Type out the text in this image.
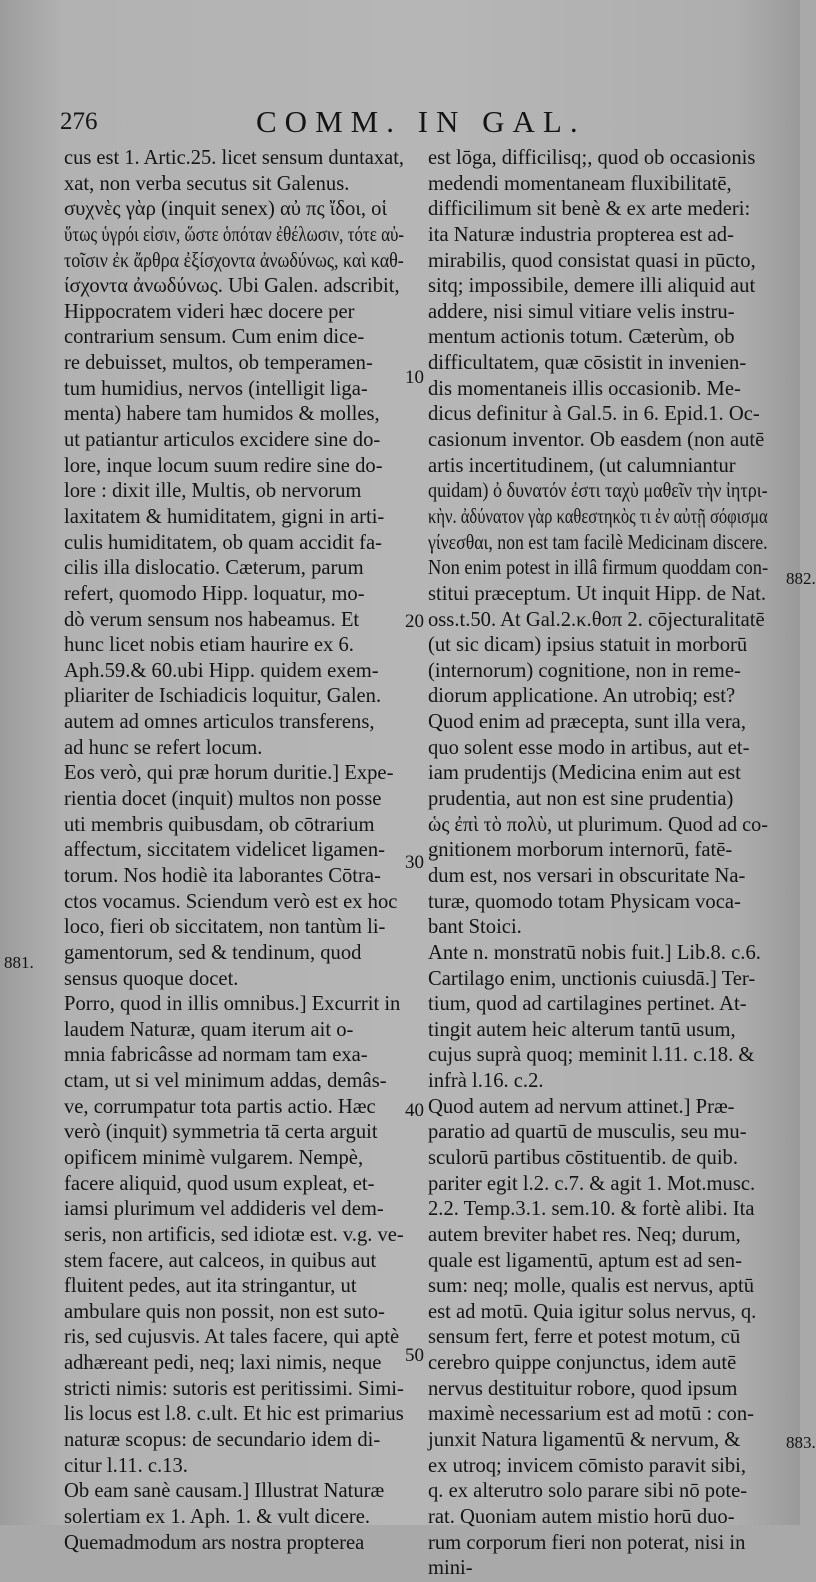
276	COMM. IN GAL.
cus est 1. Artic.25. licet sensum duntaxat,
xat, non verba secutus sit Galenus.
συχνὲς γὰρ (inquit senex) αὐ πς ἴδοι, οἱ
ὕτως ὑγρόι εἰσιν, ὥστε ὁπόταν ἐθέλωσιν, τότε αὐ-
τοῖσιν ἐκ ἄρθρα ἐξίσχοντα ἀνωδύνως, καὶ καθ-
ίσχοντα ἀνωδύνως. Ubi Galen. adscribit,
Hippocratem videri hæc docere per
contrarium sensum. Cum enim dice-
re debuisset, multos, ob temperamen-
tum humidius, nervos (intelligit liga-
menta) habere tam humidos & molles,
ut patiantur articulos excidere sine do-
lore, inque locum suum redire sine do-
lore : dixit ille, Multis, ob nervorum
laxitatem & humiditatem, gigni in arti-
culis humiditatem, ob quam accidit fa-
cilis illa dislocatio. Cæterum, parum
refert, quomodo Hipp. loquatur, mo-
dò verum sensum nos habeamus. Et
hunc licet nobis etiam haurire ex 6.
Aph.59.& 60.ubi Hipp. quidem exem-
pliariter de Ischiadicis loquitur, Galen.
autem ad omnes articulos transferens,
ad hunc se refert locum.
Eos verò, qui præ horum duritie.] Expe-
rientia docet (inquit) multos non posse
uti membris quibusdam, ob cōtrarium
affectum, siccitatem videlicet ligamen-
torum. Nos hodiè ita laborantes Cōtra-
ctos vocamus. Sciendum verò est ex hoc
loco, fieri ob siccitatem, non tantùm li-
gamentorum, sed & tendinum, quod
sensus quoque docet.
Porro, quod in illis omnibus.] Excurrit in
laudem Naturæ, quam iterum ait o-
mnia fabricâsse ad normam tam exa-
ctam, ut si vel minimum addas, demâs-
ve, corrumpatur tota partis actio. Hæc
verò (inquit) symmetria tā certa arguit
opificem minimè vulgarem. Nempè,
facere aliquid, quod usum expleat, et-
iamsi plurimum vel addideris vel dem-
seris, non artificis, sed idiotæ est. v.g. ve-
stem facere, aut calceos, in quibus aut
fluitent pedes, aut ita stringantur, ut
ambulare quis non possit, non est suto-
ris, sed cujusvis. At tales facere, qui aptè
adhæreant pedi, neq; laxi nimis, neque
stricti nimis: sutoris est peritissimi. Simi-
lis locus est l.8. c.ult. Et hic est primarius
naturæ scopus: de secundario idem di-
citur l.11. c.13.
Ob eam sanè causam.] Illustrat Naturæ
solertiam ex 1. Aph. 1. & vult dicere.
Quemadmodum ars nostra propterea
est lōga, difficilisq;, quod ob occasionis
medendi momentaneam fluxibilitatē,
difficilimum sit benè & ex arte mederi:
ita Naturæ industria propterea est ad-
mirabilis, quod consistat quasi in pūcto,
sitq; impossibile, demere illi aliquid aut
addere, nisi simul vitiare velis instru-
mentum actionis totum. Cæterùm, ob
difficultatem, quæ cōsistit in invenien-
dis momentaneis illis occasionib. Me-
dicus definitur à Gal.5. in 6. Epid.1. Oc-
casionum inventor. Ob easdem (non autē
artis incertitudinem, (ut calumniantur
quidam) ὀ δυνατόν ἐστι ταχὺ μαθεῖν τὴν ἰητρι-
κὴν. ἀδύνατον γὰρ καθεστηκὸς τι ἐν αὐτῇ σόφισμα
γίνεσθαι, non est tam facilè Medicinam discere.
Non enim potest in illâ firmum quoddam con-
stitui præceptum. Ut inquit Hipp. de Nat.
oss.t.50. At Gal.2.κ.θοπ 2. cōjecturalitatē
(ut sic dicam) ipsius statuit in morborū
(internorum) cognitione, non in reme-
diorum applicatione. An utrobiq; est?
Quod enim ad præcepta, sunt illa vera,
quo solent esse modo in artibus, aut et-
iam prudentijs (Medicina enim aut est
prudentia, aut non est sine prudentia)
ὡς ἐπὶ τὸ πολὺ, ut plurimum. Quod ad co-
gnitionem morborum internorū, fatē-
dum est, nos versari in obscuritate Na-
turæ, quomodo totam Physicam voca-
bant Stoici.
Ante n. monstratū nobis fuit.] Lib.8. c.6.
Cartilago enim, unctionis cuiusdā.] Ter-
tium, quod ad cartilagines pertinet. At-
tingit autem heic alterum tantū usum,
cujus suprà quoq; meminit l.11. c.18. &
infrà l.16. c.2.
Quod autem ad nervum attinet.] Præ-
paratio ad quartū de musculis, seu mu-
sculorū partibus cōstituentib. de quib.
pariter egit l.2. c.7. & agit 1. Mot.musc.
2.2. Temp.3.1. sem.10. & fortè alibi. Ita
autem breviter habet res. Neq; durum,
quale est ligamentū, aptum est ad sen-
sum: neq; molle, qualis est nervus, aptū
est ad motū. Quia igitur solus nervus, q.
sensum fert, ferre et potest motum, cū
cerebro quippe conjunctus, idem autē
nervus destituitur robore, quod ipsum
maximè necessarium est ad motū : con-
junxit Natura ligamentū & nervum, &
ex utroq; invicem cōmisto paravit sibi,
q. ex alterutro solo parare sibi nō pote-
rat. Quoniam autem mistio horū duo-
rum corporum fieri non poterat, nisi in
mini-
10
20
30
40
50
881.
882.
883.
